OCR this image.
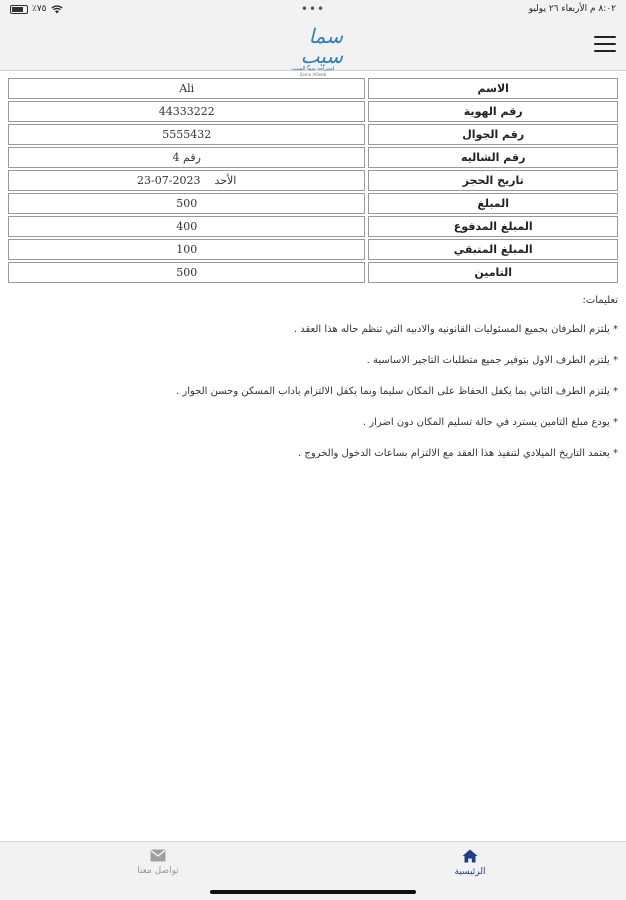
٪٧٥	•••	٨:٠٢ م الأربعاء ٢٦ يوليو
سما سيب
استراحة سما السيب
Sama AlSeeb
Ali	الاسم
44333222	رقم الهوية
5555432	رقم الجوال
رقم 4	رقم الشاليه
23-07-2023 الأحد	تاريخ الحجز
500	المبلغ
400	المبلغ المدفوع
100	المبلغ المتبقي
500	التامين
تعليمات:
* يلتزم الطرفان بجميع المسئوليات القانونيه والادبيه التي تنظم حاله هذا العقد .
* يلتزم الطرف الاول بتوفير جميع متطلبات التاجير الاساسية .
* يلتزم الطرف الثاني بما يكفل الحفاظ على المكان سليما وبما يكفل الالتزام باداب المسكن وحسن الجوار .
* يودع مبلغ التامين يسترد في حالة تسليم المكان دون اضرار .
* يعتمد التاريخ الميلادي لتنفيذ هذا العقد مع الالتزام بساعات الدخول والخروج .
تواصل معنا	الرئيسية
